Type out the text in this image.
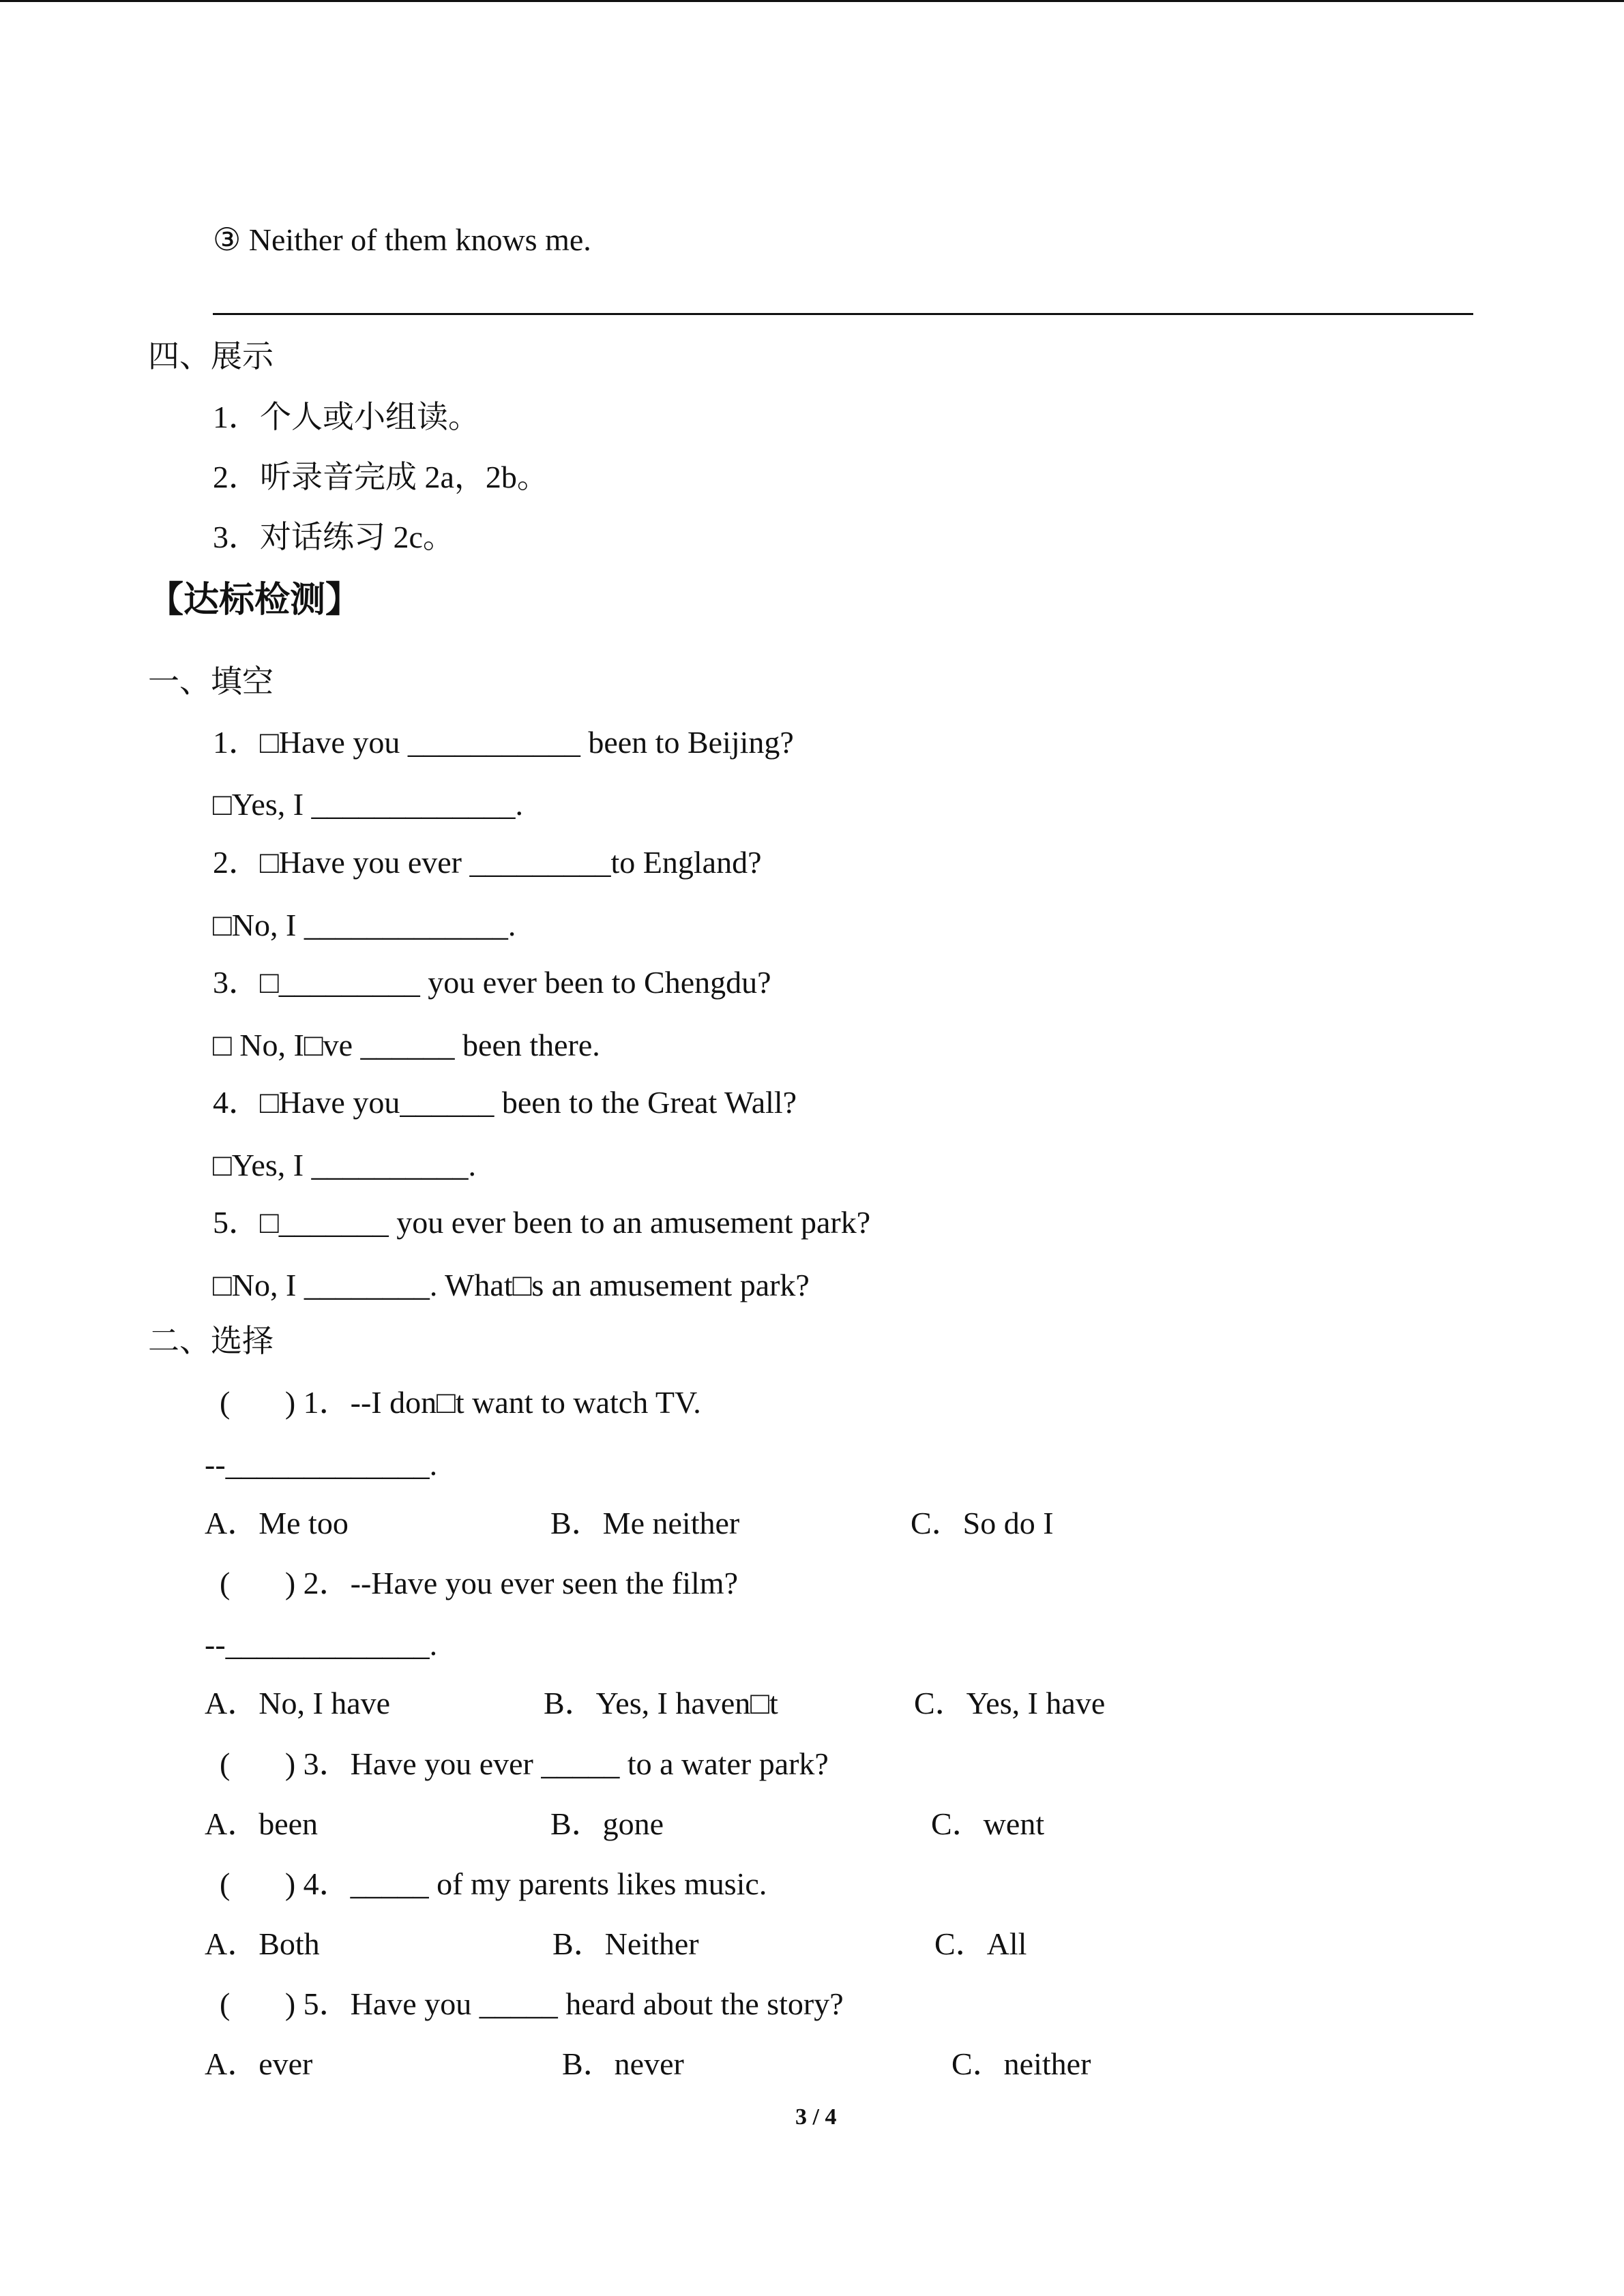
③ Neither of them knows me.
四、展示
1．个人或小组读。
2．听录音完成 2a，2b。
3．对话练习 2c。
【达标检测】
一、填空
1．□Have you ___________ been to Beijing?
□Yes, I _____________.
2．□Have you ever _________to England?
□No, I _____________.
3．□_________ you ever been to Chengdu?
□ No, I□ve ______ been there.
4．□Have you______ been to the Great Wall?
□Yes, I __________.
5．□_______ you ever been to an amusement park?
□No, I ________. What□s an amusement park?
二、选择
(       ) 1．--I don□t want to watch TV.
--_____________.
A．Me too	B．Me neither	C．So do I
(       ) 2．--Have you ever seen the film?
--_____________.
A．No, I have	B．Yes, I haven□t	C．Yes, I have
(       ) 3．Have you ever _____ to a water park?
A．been	B．gone	C．went
(       ) 4．_____ of my parents likes music.
A．Both	B．Neither	C．All
(       ) 5．Have you _____ heard about the story?
A．ever	B．never	C．neither
3 / 4
